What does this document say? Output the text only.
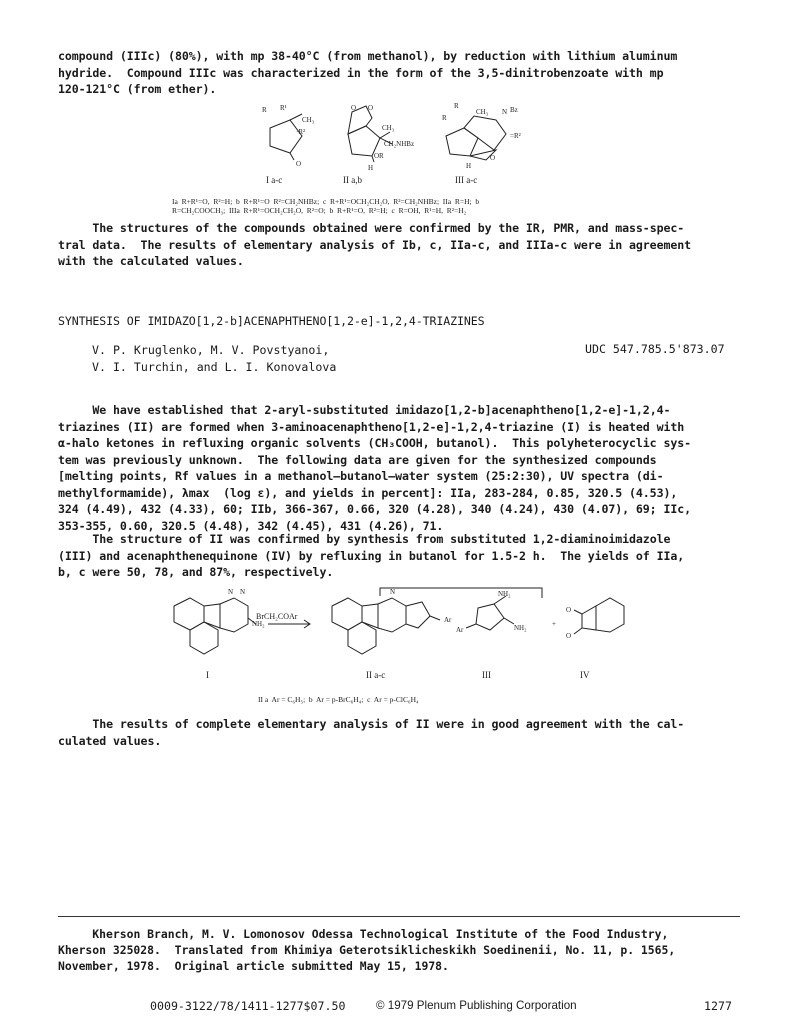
compound (IIIc) (80%), with mp 38-40°C (from methanol), by reduction with lithium aluminum
hydride.  Compound IIIc was characterized in the form of the 3,5-dinitrobenzoate with mp
120-121°C (from ether).
R R¹
CH₃
·R²
O
O O
CH₃
CH₂NHBz
OR
H
R
R
CH₃ N Bz
=R²
O
H
I a-c	II a,b	III a-c
Ia  R+R¹=O,  R²=H;  b  R+R¹=O  R²=CH₂NHBz;  c  R+R¹=OCH₂CH₂O,  R²=CH₂NHBz;  IIa  R=H;  b
R=CH₂COOCH₃;  IIIa  R+R¹=OCH₂CH₂O,  R²=O;  b  R+R¹=O,  R²=H;  c  R=OH,  R¹=H,  R²=H₂
The structures of the compounds obtained were confirmed by the IR, PMR, and mass-spec-
tral data.  The results of elementary analysis of Ib, c, IIa-c, and IIIa-c were in agreement
with the calculated values.
SYNTHESIS OF IMIDAZO[1,2-b]ACENAPHTHENO[1,2-e]-1,2,4-TRIAZINES
V. P. Kruglenko, M. V. Povstyanoi,
V. I. Turchin, and L. I. Konovalova
UDC 547.785.5'873.07
We have established that 2-aryl-substituted imidazo[1,2-b]acenaphtheno[1,2-e]-1,2,4-
triazines (II) are formed when 3-aminoacenaphtheno[1,2-e]-1,2,4-triazine (I) is heated with
α-halo ketones in refluxing organic solvents (CH₃COOH, butanol).  This polyheterocyclic sys-
tem was previously unknown.  The following data are given for the synthesized compounds
[melting points, Rf values in a methanol–butanol–water system (25:2:30), UV spectra (di-
methylformamide), λmax  (log ε), and yields in percent]: IIa, 283-284, 0.85, 320.5 (4.53),
324 (4.49), 432 (4.33), 60; IIb, 366-367, 0.66, 320 (4.28), 340 (4.24), 430 (4.07), 69; IIc,
353-355, 0.60, 320.5 (4.48), 342 (4.45), 431 (4.26), 71.
The structure of II was confirmed by synthesis from substituted 1,2-diaminoimidazole
(III) and acenaphthenequinone (IV) by refluxing in butanol for 1.5-2 h.  The yields of IIa,
b, c were 50, 78, and 87%, respectively.
N N
NH₂
N
Ar
NH₂
NH₂
Ar
+
O
O
BrCH₂COAr
I	II a-c	III	IV
II a  Ar = C₆H₅;  b  Ar = p-BrC₆H₄;  c  Ar = p-ClC₆H₄
The results of complete elementary analysis of II were in good agreement with the cal-
culated values.
Kherson Branch, M. V. Lomonosov Odessa Technological Institute of the Food Industry,
Kherson 325028.  Translated from Khimiya Geterotsiklicheskikh Soedinenii, No. 11, p. 1565,
November, 1978.  Original article submitted May 15, 1978.
0009-3122/78/1411-1277$07.50	© 1979 Plenum Publishing Corporation	1277
